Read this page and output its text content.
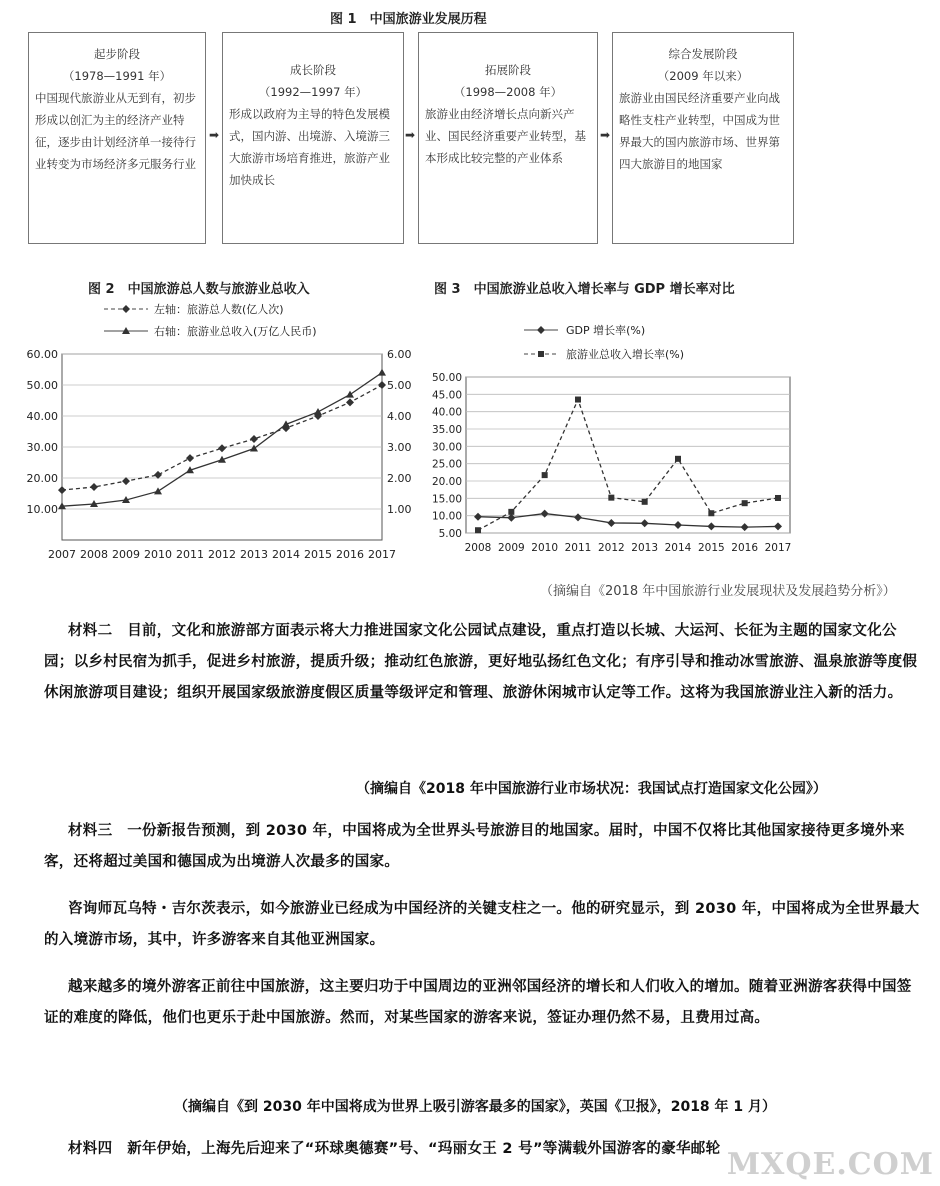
图 1　中国旅游业发展历程
起步阶段
（1978—1991 年）
中国现代旅游业从无到有，初步形成以创汇为主的经济产业特征，逐步由计划经济单一接待行业转变为市场经济多元服务行业
➡
成长阶段
（1992—1997 年）
形成以政府为主导的特色发展模式，国内游、出境游、入境游三大旅游市场培育推进，旅游产业加快成长
➡
拓展阶段
（1998—2008 年）
旅游业由经济增长点向新兴产业、国民经济重要产业转型，基本形成比较完整的产业体系
➡
综合发展阶段
（2009 年以来）
旅游业由国民经济重要产业向战略性支柱产业转型，中国成为世界最大的国内旅游市场、世界第四大旅游目的地国家
图 2　中国旅游总人数与旅游业总收入
左轴：旅游总人数(亿人次)
右轴：旅游业总收入(万亿人民币)
10.00
20.00
30.00
40.00
50.00
60.00
1.00
2.00
3.00
4.00
5.00
6.00
2007 2008 2009 2010 2011 2012 2013 2014 2015 2016 2017
图 3　中国旅游业总收入增长率与 GDP 增长率对比
GDP 增长率(%)
旅游业总收入增长率(%)
5.00
10.00
15.00
20.00
25.00
30.00
35.00
40.00
45.00
50.00
2008 2009 2010 2011 2012 2013 2014 2015 2016 2017
（摘编自《2018 年中国旅游行业发展现状及发展趋势分析》）
材料二　目前，文化和旅游部方面表示将大力推进国家文化公园试点建设，重点打造以长城、大运河、长征为主题的国家文化公园；以乡村民宿为抓手，促进乡村旅游，提质升级；推动红色旅游，更好地弘扬红色文化；有序引导和推动冰雪旅游、温泉旅游等度假休闲旅游项目建设；组织开展国家级旅游度假区质量等级评定和管理、旅游休闲城市认定等工作。这将为我国旅游业注入新的活力。
（摘编自《2018 年中国旅游行业市场状况：我国试点打造国家文化公园》）
材料三　一份新报告预测，到 2030 年，中国将成为全世界头号旅游目的地国家。届时，中国不仅将比其他国家接待更多境外来客，还将超过美国和德国成为出境游人次最多的国家。
咨询师瓦乌特・吉尔茨表示，如今旅游业已经成为中国经济的关键支柱之一。他的研究显示，到 2030 年，中国将成为全世界最大的入境游市场，其中，许多游客来自其他亚洲国家。
越来越多的境外游客正前往中国旅游，这主要归功于中国周边的亚洲邻国经济的增长和人们收入的增加。随着亚洲游客获得中国签证的难度的降低，他们也更乐于赴中国旅游。然而，对某些国家的游客来说，签证办理仍然不易，且费用过高。
（摘编自《到 2030 年中国将成为世界上吸引游客最多的国家》，英国《卫报》，2018 年 1 月）
材料四　新年伊始，上海先后迎来了“环球奥德赛”号、“玛丽女王 2 号”等满载外国游客的豪华邮轮 MXQE.COM
